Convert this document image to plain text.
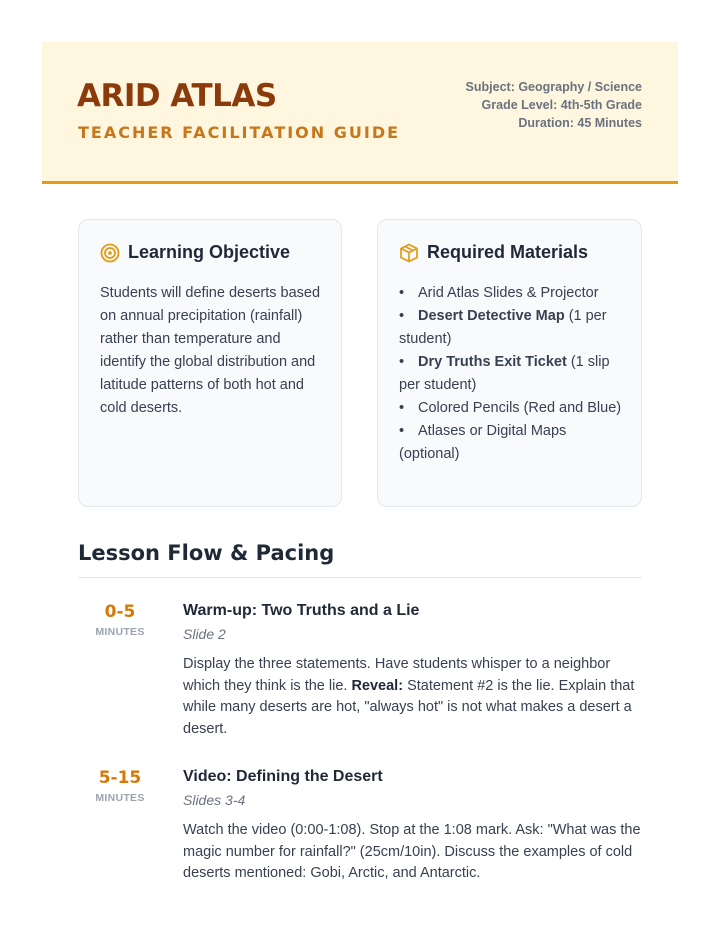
ARID ATLAS
TEACHER FACILITATION GUIDE
Subject: Geography / Science
Grade Level: 4th-5th Grade
Duration: 45 Minutes
Learning Objective
Students will define deserts based on annual precipitation (rainfall) rather than temperature and identify the global distribution and latitude patterns of both hot and cold deserts.
Required Materials
• Arid Atlas Slides & Projector
• Desert Detective Map (1 per student)
• Dry Truths Exit Ticket (1 slip per student)
• Colored Pencils (Red and Blue)
• Atlases or Digital Maps (optional)
Lesson Flow & Pacing
0-5
MINUTES
Warm-up: Two Truths and a Lie
Slide 2
Display the three statements. Have students whisper to a neighbor which they think is the lie. Reveal: Statement #2 is the lie. Explain that while many deserts are hot, "always hot" is not what makes a desert a desert.
5-15
MINUTES
Video: Defining the Desert
Slides 3-4
Watch the video (0:00-1:08). Stop at the 1:08 mark. Ask: "What was the magic number for rainfall?" (25cm/10in). Discuss the examples of cold deserts mentioned: Gobi, Arctic, and Antarctic.
